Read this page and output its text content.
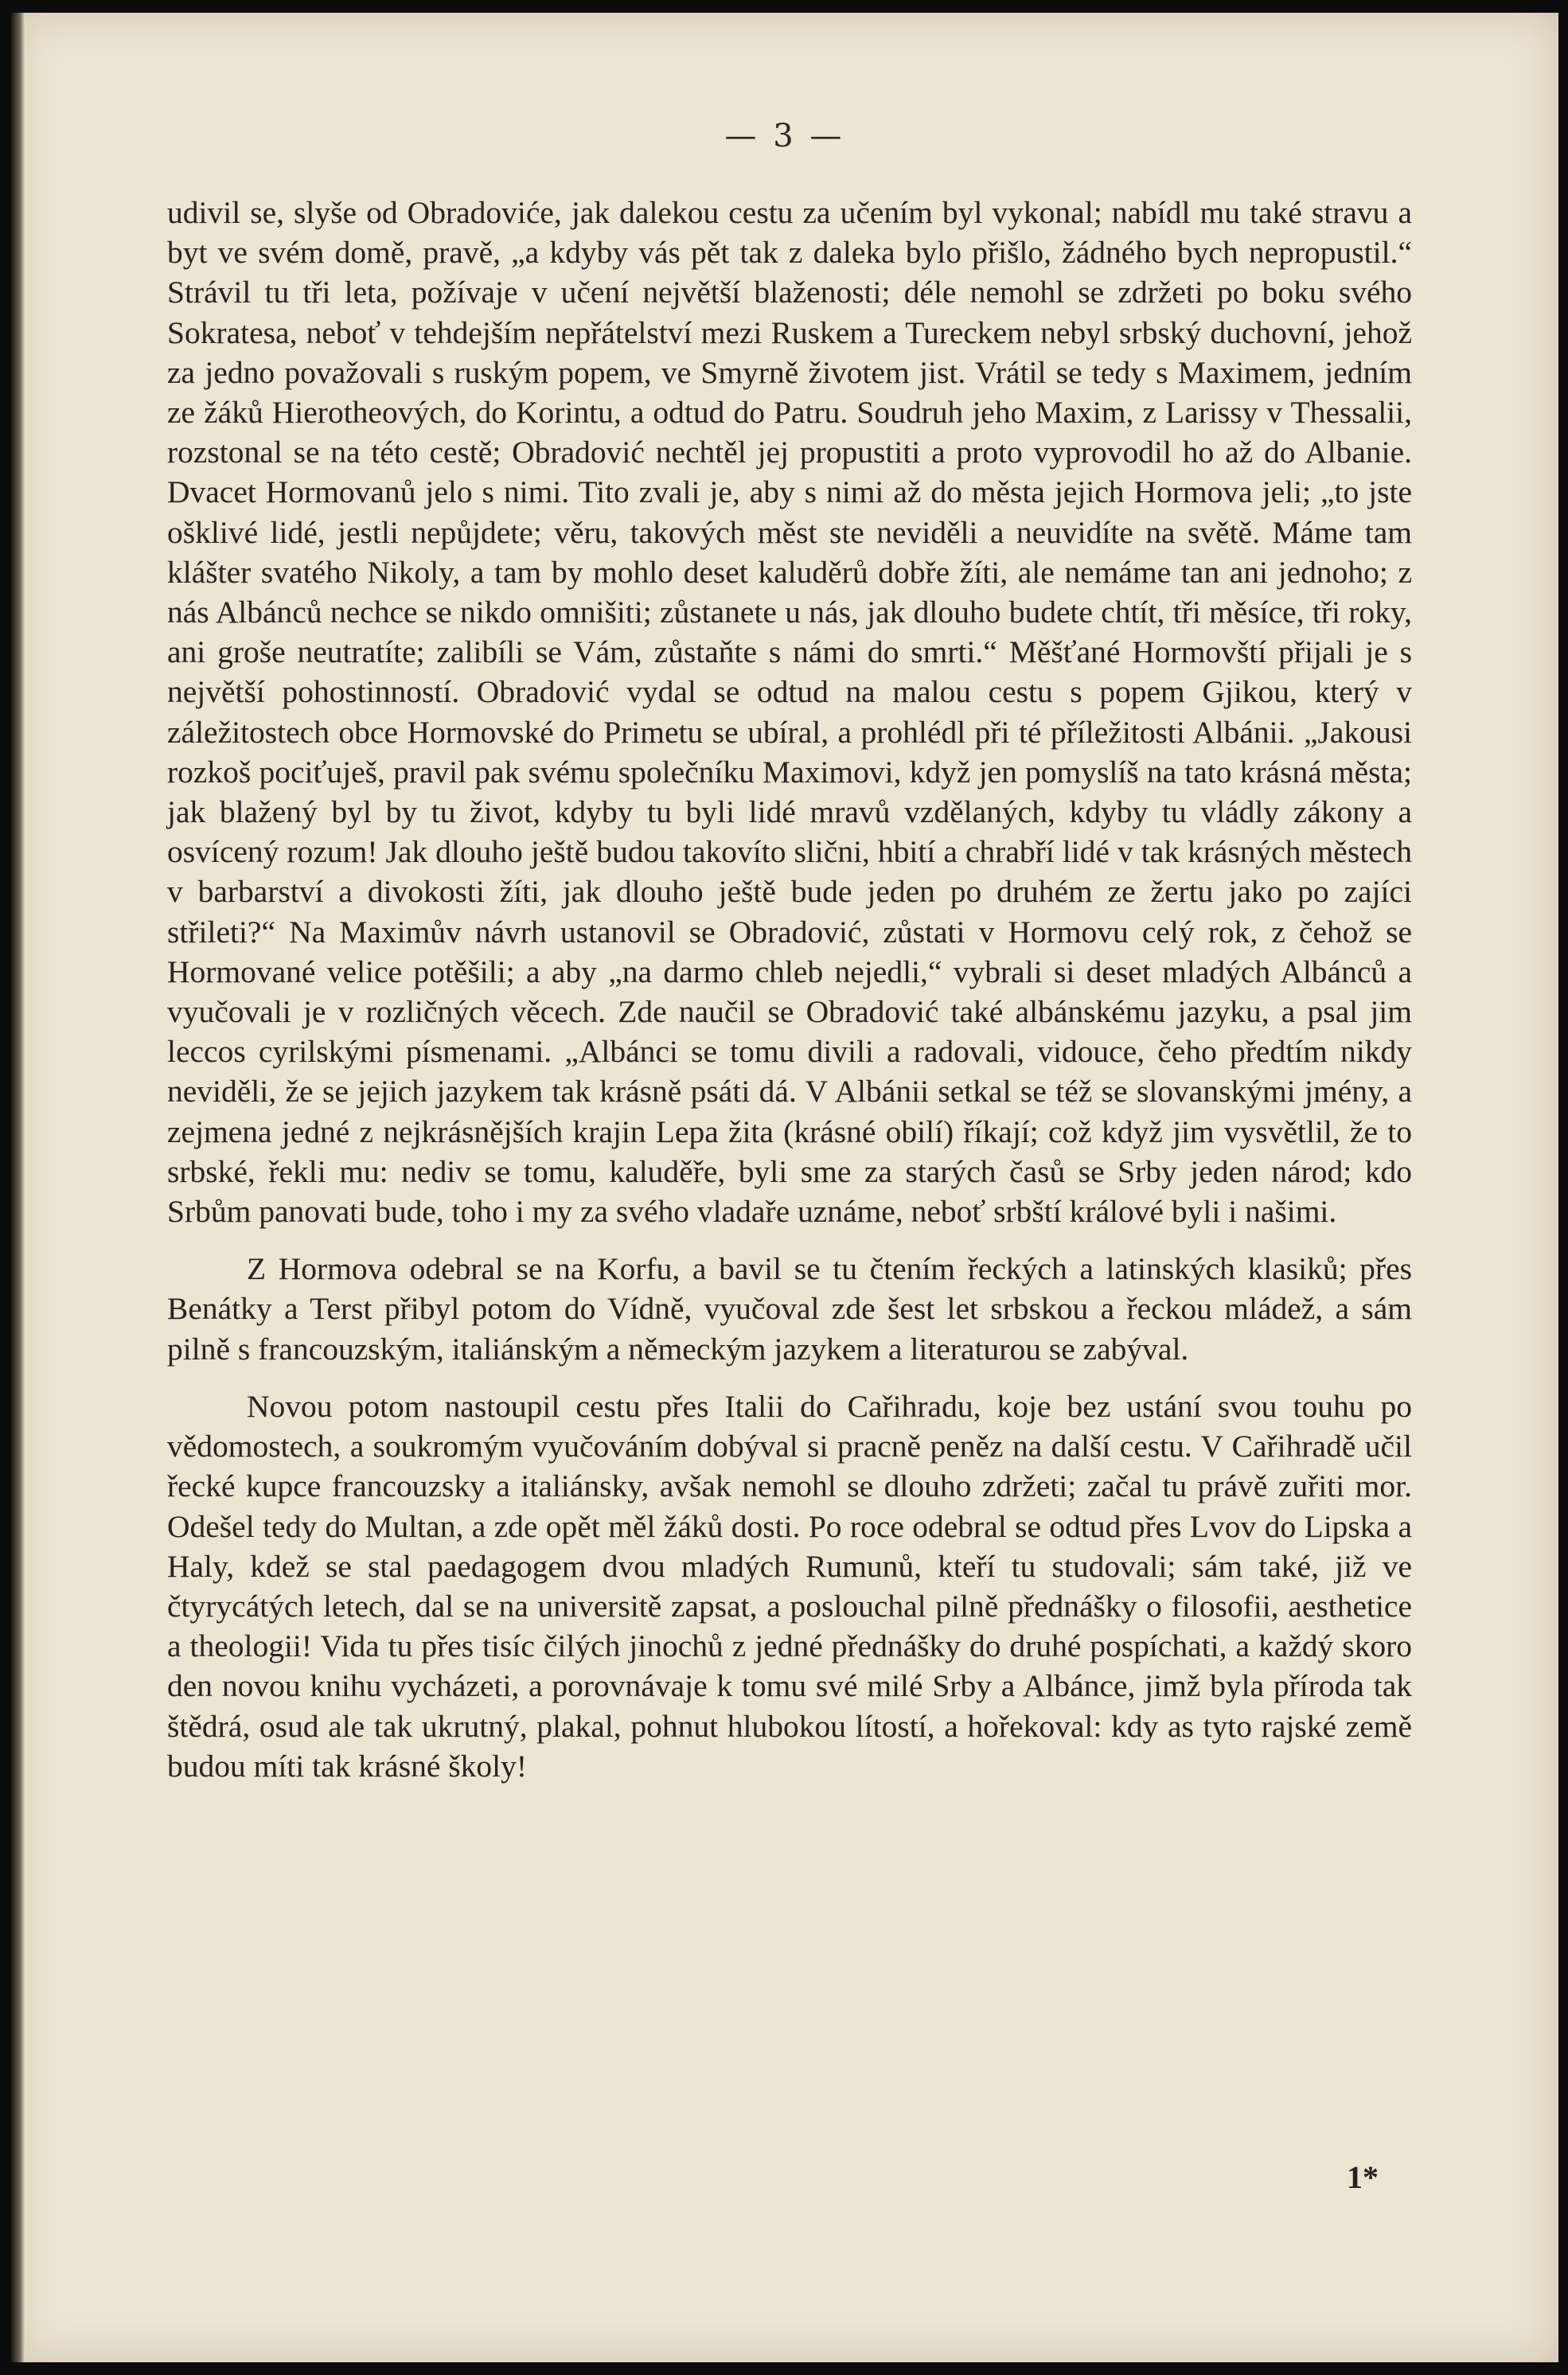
— 3 —

udivil se, slyše od Obradoviće, jak dalekou cestu za učením byl vykonal; nabídl mu také stravu a byt ve svém domě, pravě, „a kdyby vás pět tak z daleka bylo přišlo, žádného bych nepropustil.“ Strávil tu tři leta, požívaje v učení největší blaženosti; déle nemohl se zdržeti po boku svého Sokratesa, neboť v tehdejším nepřátelství mezi Ruskem a Tureckem nebyl srbský duchovní, jehož za jedno považovali s ruským popem, ve Smyrně životem jist. Vrátil se tedy s Maximem, jedním ze žáků Hierotheových, do Korintu, a odtud do Patru. Soudruh jeho Maxim, z Larissy v Thessalii, rozstonal se na této cestě; Obradović nechtěl jej propustiti a proto vyprovodil ho až do Albanie. Dvacet Hormovanů jelo s nimi. Tito zvali je, aby s nimi až do města jejich Hormova jeli; „to jste ošklivé lidé, jestli nepůjdete; věru, takových měst ste neviděli a neuvidíte na světě. Máme tam klášter svatého Nikoly, a tam by mohlo deset kaluděrů dobře žíti, ale nemáme tan ani jednoho; z nás Albánců nechce se nikdo omnišiti; zůstanete u nás, jak dlouho budete chtít, tři měsíce, tři roky, ani groše neutratíte; zalibíli se Vám, zůstaňte s námi do smrti.“ Měšťané Hormovští přijali je s největší pohostinností. Obradović vydal se odtud na malou cestu s popem Gjikou, který v záležitostech obce Hormovské do Primetu se ubíral, a prohlédl při té příležitosti Albánii. „Jakousi rozkoš pociťuješ, pravil pak svému společníku Maximovi, když jen pomyslíš na tato krásná města; jak blažený byl by tu život, kdyby tu byli lidé mravů vzdělaných, kdyby tu vládly zákony a osvícený rozum! Jak dlouho ještě budou takovíto slični, hbití a chrabří lidé v tak krásných městech v barbarství a divokosti žíti, jak dlouho ještě bude jeden po druhém ze žertu jako po zajíci střileti?“ Na Maximův návrh ustanovil se Obradović, zůstati v Hormovu celý rok, z čehož se Hormované velice potěšili; a aby „na darmo chleb nejedli,“ vybrali si deset mladých Albánců a vyučovali je v rozličných věcech. Zde naučil se Obradović také albánskému jazyku, a psal jim leccos cyrilskými písmenami. „Albánci se tomu divili a radovali, vidouce, čeho předtím nikdy neviděli, že se jejich jazykem tak krásně psáti dá. V Albánii setkal se též se slovanskými jmény, a zejmena jedné z nejkrásnějších krajin Lepa žita (krásné obilí) říkají; což když jim vysvětlil, že to srbské, řekli mu: nediv se tomu, kaluděře, byli sme za starých časů se Srby jeden národ; kdo Srbům panovati bude, toho i my za svého vladaře uznáme, neboť srbští králové byli i našimi.

Z Hormova odebral se na Korfu, a bavil se tu čtením řeckých a latinských klasiků; přes Benátky a Terst přibyl potom do Vídně, vyučoval zde šest let srbskou a řeckou mládež, a sám pilně s francouzským, italiánským a německým jazykem a literaturou se zabýval.

Novou potom nastoupil cestu přes Italii do Cařihradu, koje bez ustání svou touhu po vědomostech, a soukromým vyučováním dobýval si pracně peněz na další cestu. V Cařihradě učil řecké kupce francouzsky a italiánsky, avšak nemohl se dlouho zdržeti; začal tu právě zuřiti mor. Odešel tedy do Multan, a zde opět měl žáků dosti. Po roce odebral se odtud přes Lvov do Lipska a Haly, kdež se stal paedagogem dvou mladých Rumunů, kteří tu studovali; sám také, již ve čtyrycátých letech, dal se na universitě zapsat, a poslouchal pilně přednášky o filosofii, aesthetice a theologii! Vida tu přes tisíc čilých jinochů z jedné přednášky do druhé pospíchati, a každý skoro den novou knihu vycházeti, a porovnávaje k tomu své milé Srby a Albánce, jimž byla příroda tak štědrá, osud ale tak ukrutný, plakal, pohnut hlubokou lítostí, a hořekoval: kdy as tyto rajské země budou míti tak krásné školy!

1*
